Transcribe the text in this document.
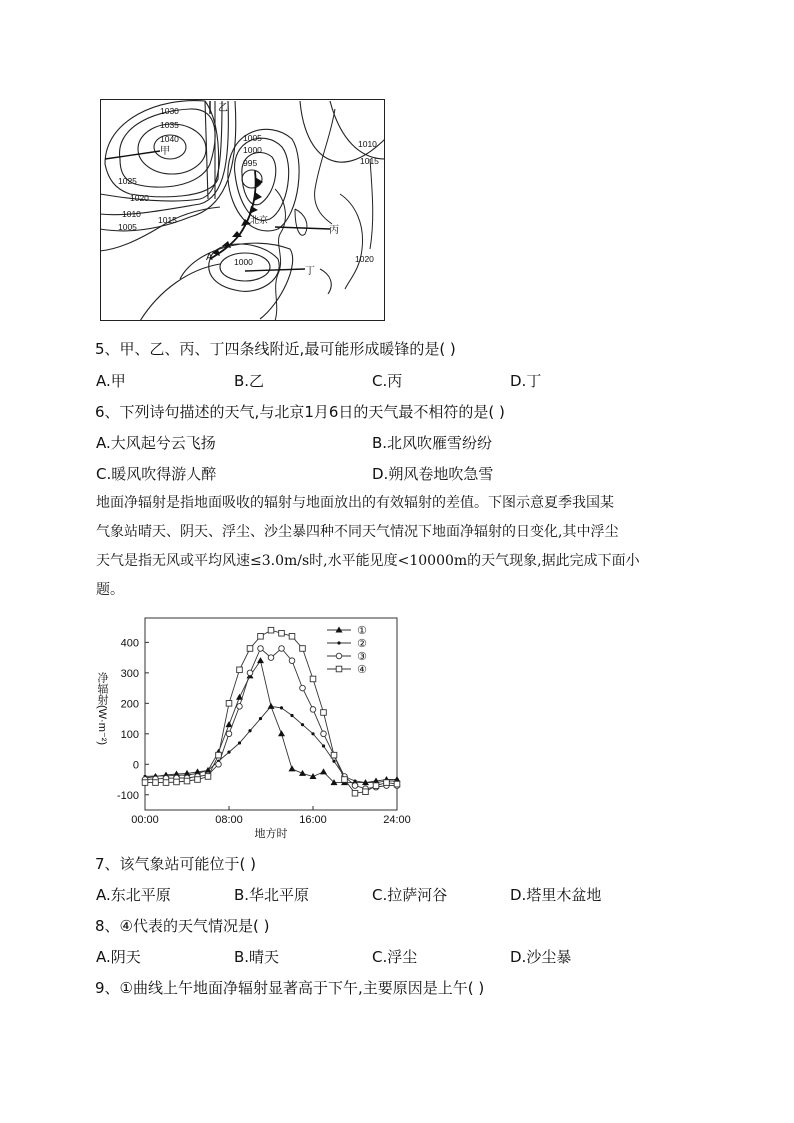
1030
1035
1040
1025
1020
1010
1005
1015
1005
1000
995
1010
1015
1020
1000
甲
乙
丙
丁
A
北京
5、甲、乙、丙、丁四条线附近,最可能形成暖锋的是( )
A.甲	B.乙	C.丙	D.丁
6、下列诗句描述的天气,与北京1月6日的天气最不相符的是( )
A.大风起兮云飞扬	B.北风吹雁雪纷纷
C.暖风吹得游人醉	D.朔风卷地吹急雪
地面净辐射是指地面吸收的辐射与地面放出的有效辐射的差值。下图示意夏季我国某
气象站晴天、阴天、浮尘、沙尘暴四种不同天气情况下地面净辐射的日变化,其中浮尘
天气是指无风或平均风速≤3.0m/s时,水平能见度<10000m的天气现象,据此完成下面小
题。
400
300
200
100
0
-100
00:00	08:00	16:00	24:00
地方时
净辐射(W·m⁻²)
①
②
③
④
7、该气象站可能位于( )
A.东北平原	B.华北平原	C.拉萨河谷	D.塔里木盆地
8、④代表的天气情况是( )
A.阴天	B.晴天	C.浮尘	D.沙尘暴
9、①曲线上午地面净辐射显著高于下午,主要原因是上午( )
